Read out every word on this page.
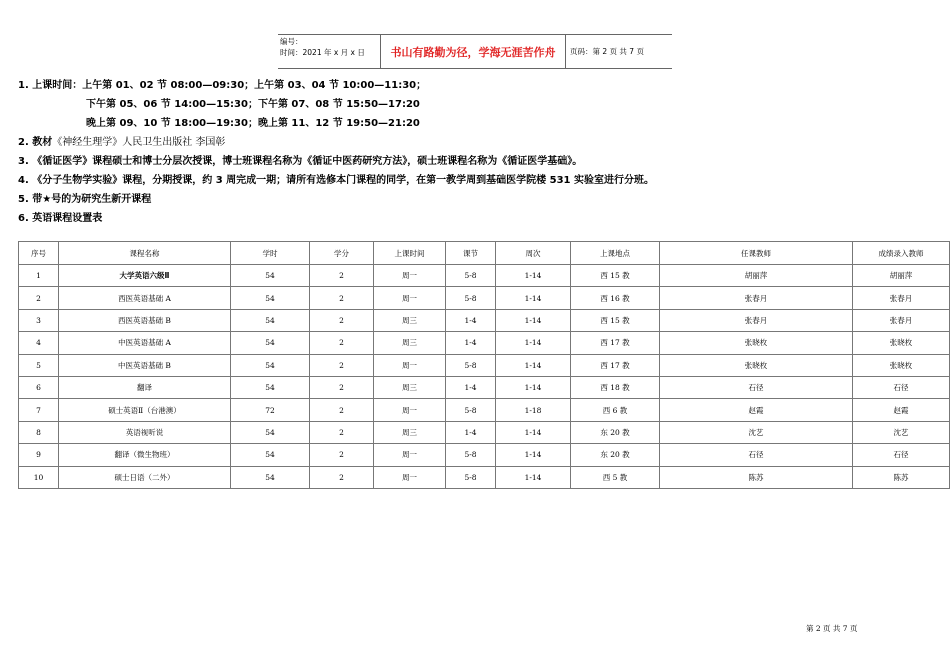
编号：
时间：2021 年 x 月 x 日	书山有路勤为径，学海无涯苦作舟	页码：第 2 页 共 7 页
1. 上课时间：上午第 01、02 节 08:00—09:30；上午第 03、04 节 10:00—11:30；
下午第 05、06 节 14:00—15:30；下午第 07、08 节 15:50—17:20
晚上第 09、10 节 18:00—19:30；晚上第 11、12 节 19:50—21:20
2. 教材《神经生理学》人民卫生出版社 李国彰
3. 《循证医学》课程硕士和博士分层次授课，博士班课程名称为《循证中医药研究方法》，硕士班课程名称为《循证医学基础》。
4. 《分子生物学实验》课程，分期授课，约 3 周完成一期；请所有选修本门课程的同学，在第一教学周到基础医学院楼 531 实验室进行分班。
5. 带★号的为研究生新开课程
6. 英语课程设置表
序号	课程名称	学时	学分	上课时间	课节	周次	上课地点	任课教师	成绩录入教师
1	大学英语六级Ⅱ	54	2	周一	5-8	1-14	西 15 教	胡丽萍	胡丽萍
2	西医英语基础 A	54	2	周一	5-8	1-14	西 16 教	张春月	张春月
3	西医英语基础 B	54	2	周三	1-4	1-14	西 15 教	张春月	张春月
4	中医英语基础 A	54	2	周三	1-4	1-14	西 17 教	张晓枚	张晓枚
5	中医英语基础 B	54	2	周一	5-8	1-14	西 17 教	张晓枚	张晓枚
6	翻译	54	2	周三	1-4	1-14	西 18 教	石径	石径
7	硕士英语Ⅱ（台港澳）	72	2	周一	5-8	1-18	西 6 教	赵霞	赵霞
8	英语视听说	54	2	周三	1-4	1-14	东 20 教	沈艺	沈艺
9	翻译（微生物班）	54	2	周一	5-8	1-14	东 20 教	石径	石径
10	硕士日语（二外）	54	2	周一	5-8	1-14	西 5 教	陈苏	陈苏
第 2 页 共 7 页
